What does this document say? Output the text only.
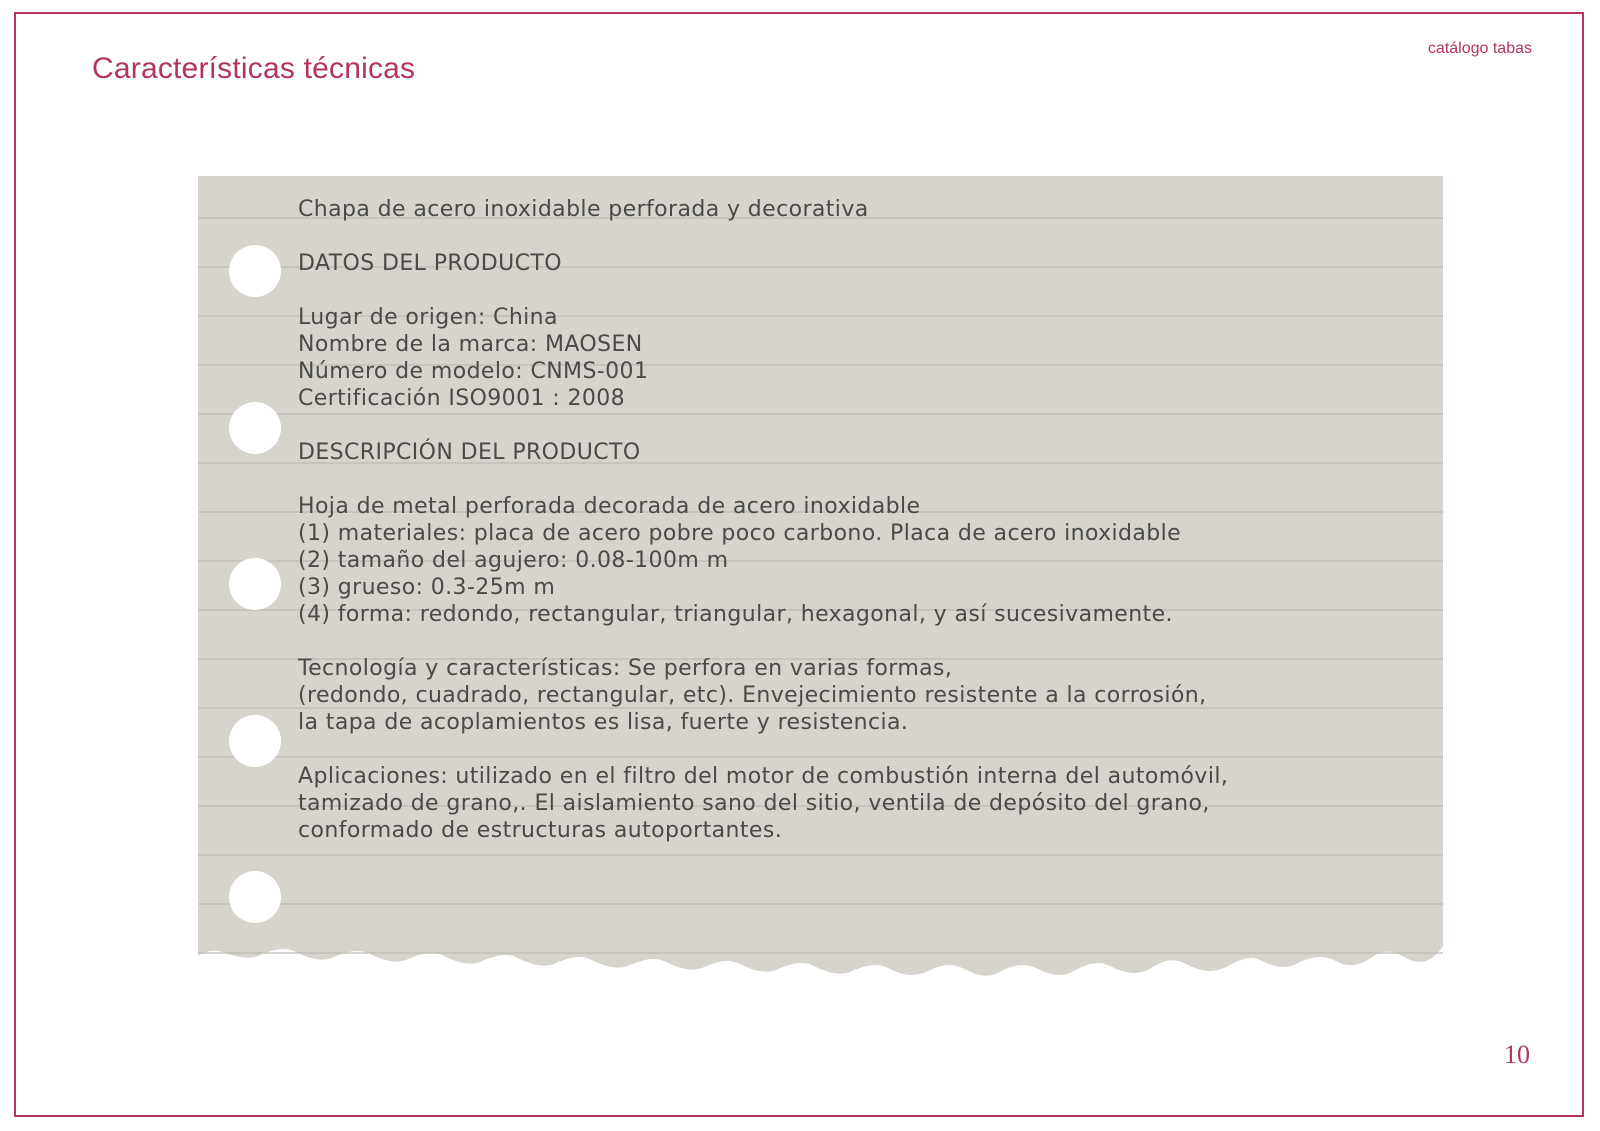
Características técnicas
catálogo tabas
10
Chapa de acero inoxidable perforada y decorativa
DATOS DEL PRODUCTO
Lugar de origen: China
Nombre de la marca: MAOSEN
Número de modelo: CNMS-001
Certificación ISO9001 : 2008
DESCRIPCIÓN DEL PRODUCTO
Hoja de metal perforada decorada de acero inoxidable
(1) materiales: placa de acero pobre poco carbono. Placa de acero inoxidable
(2) tamaño del agujero: 0.08-100m m
(3) grueso: 0.3-25m m
(4) forma: redondo, rectangular, triangular, hexagonal, y así sucesivamente.
Tecnología y características: Se perfora en varias formas,
(redondo, cuadrado, rectangular, etc). Envejecimiento resistente a la corrosión,
la tapa de acoplamientos es lisa, fuerte y resistencia.
Aplicaciones: utilizado en el filtro del motor de combustión interna del automóvil,
tamizado de grano,. El aislamiento sano del sitio, ventila de depósito del grano,
conformado de estructuras autoportantes.
